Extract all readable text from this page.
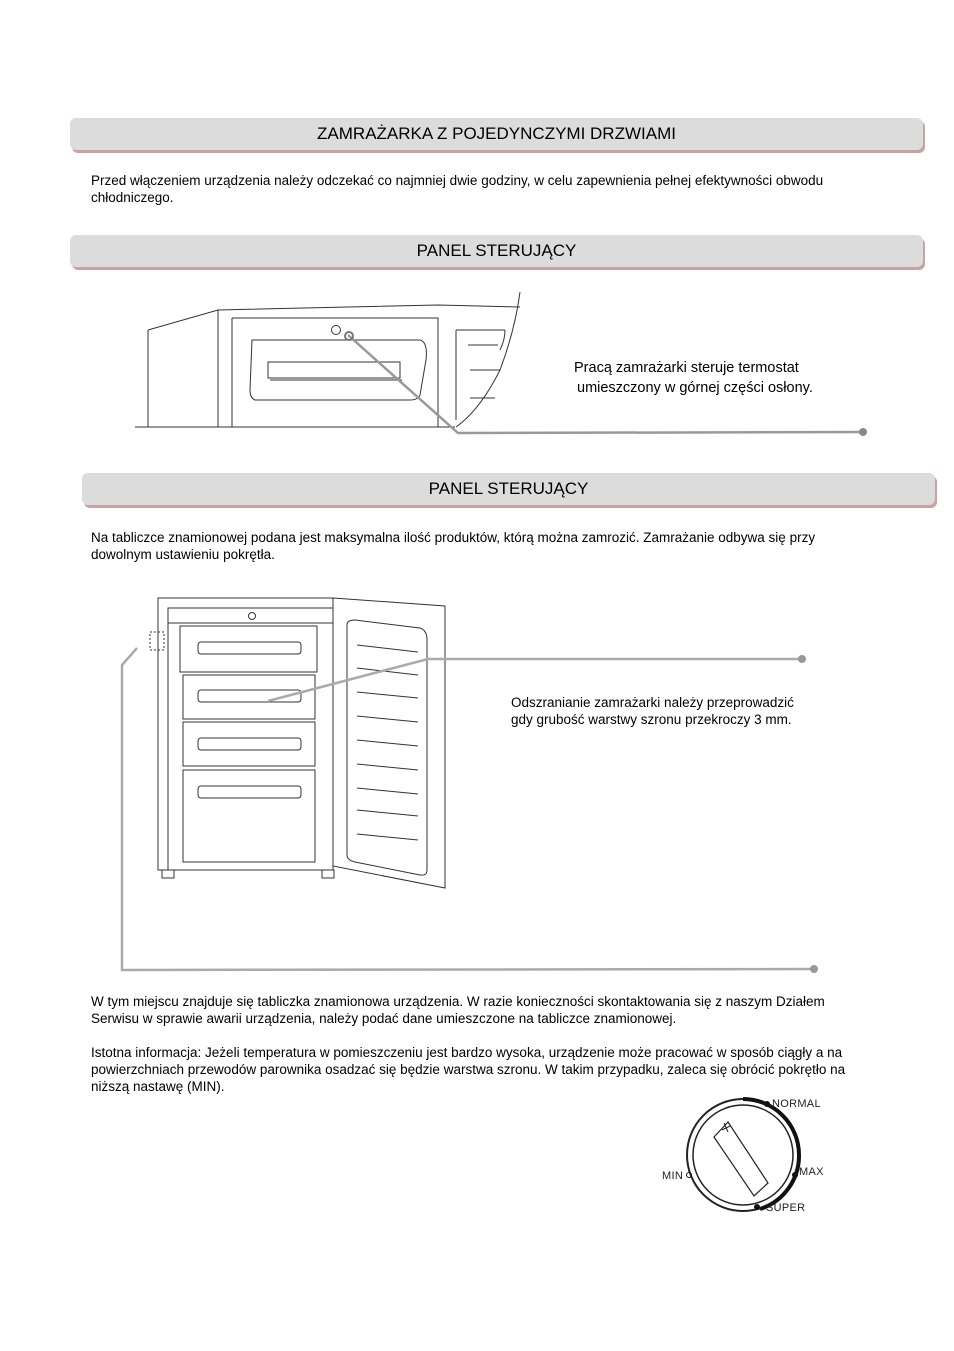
ZAMRAŻARKA Z POJEDYNCZYMI DRZWIAMI
Przed włączeniem urządzenia należy odczekać co najmniej dwie godziny, w celu zapewnienia pełnej efektywności obwodu chłodniczego.
PANEL STERUJĄCY
Pracą zamrażarki steruje termostat
umieszczony w górnej części osłony.
PANEL STERUJĄCY
Na tabliczce znamionowej podana jest maksymalna ilość produktów, którą można zamrozić. Zamrażanie odbywa się przy dowolnym ustawieniu pokrętła.
Odszranianie zamrażarki należy przeprowadzić gdy grubość warstwy szronu przekroczy 3 mm.
W tym miejscu znajduje się tabliczka znamionowa urządzenia. W razie konieczności skontaktowania się z naszym Działem Serwisu w sprawie awarii urządzenia, należy podać dane umieszczone na tabliczce znamionowej.
Istotna informacja: Jeżeli temperatura w pomieszczeniu jest bardzo wysoka, urządzenie może pracować w sposób ciągły a na powierzchniach przewodów parownika osadzać się będzie warstwa szronu. W takim przypadku, zaleca się obrócić pokrętło na niższą nastawę (MIN).
NORMAL
MAX
SUPER
MIN
